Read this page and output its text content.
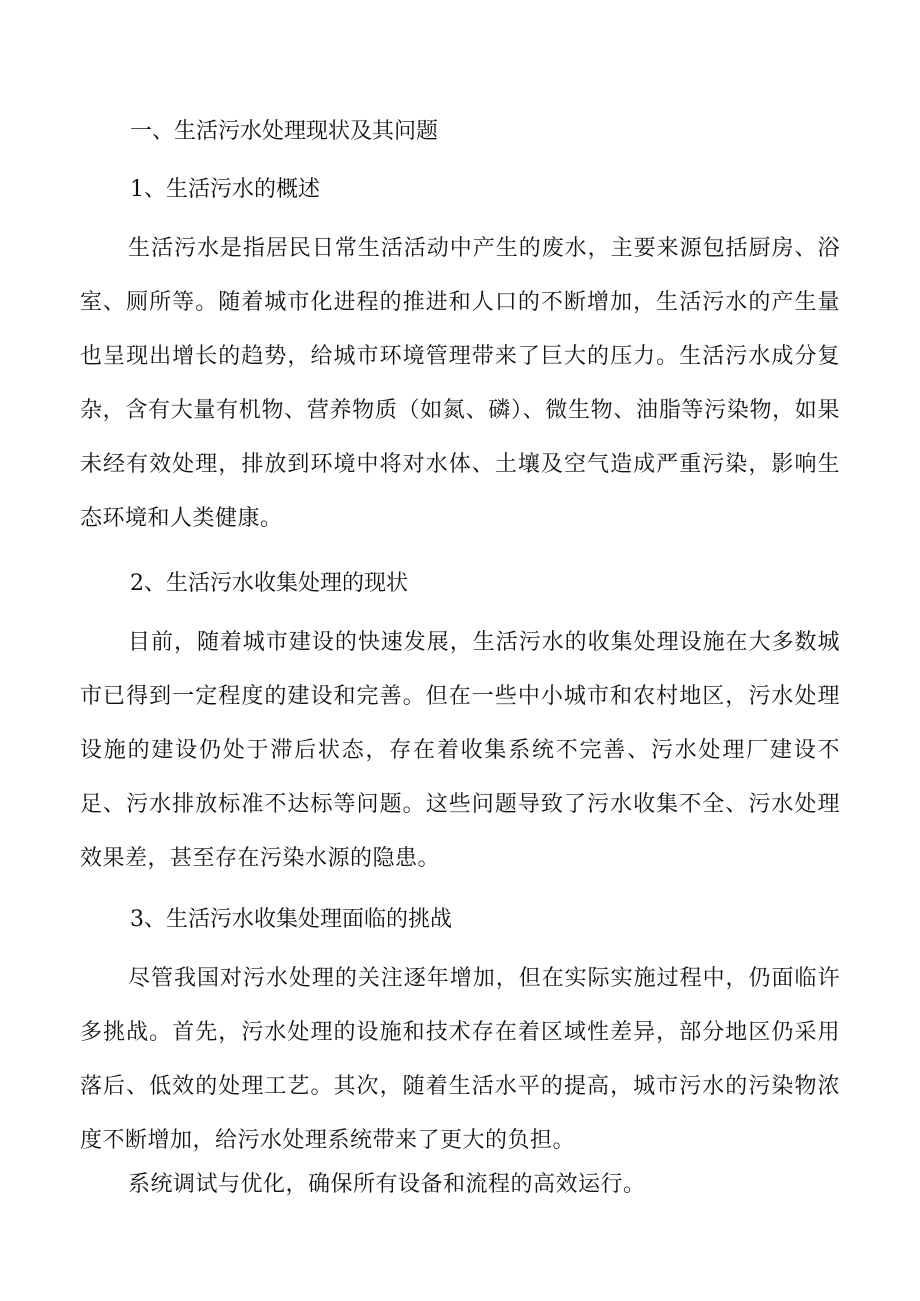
一、生活污水处理现状及其问题
1、生活污水的概述

生活污水是指居民日常生活活动中产生的废水，主要来源包括厨房、浴室、厕所等。随着城市化进程的推进和人口的不断增加，生活污水的产生量也呈现出增长的趋势，给城市环境管理带来了巨大的压力。生活污水成分复杂，含有大量有机物、营养物质（如氮、磷）、微生物、油脂等污染物，如果未经有效处理，排放到环境中将对水体、土壤及空气造成严重污染，影响生态环境和人类健康。

2、生活污水收集处理的现状

目前，随着城市建设的快速发展，生活污水的收集处理设施在大多数城市已得到一定程度的建设和完善。但在一些中小城市和农村地区，污水处理设施的建设仍处于滞后状态，存在着收集系统不完善、污水处理厂建设不足、污水排放标准不达标等问题。这些问题导致了污水收集不全、污水处理效果差，甚至存在污染水源的隐患。

3、生活污水收集处理面临的挑战

尽管我国对污水处理的关注逐年增加，但在实际实施过程中，仍面临许多挑战。首先，污水处理的设施和技术存在着区域性差异，部分地区仍采用落后、低效的处理工艺。其次，随着生活水平的提高，城市污水的污染物浓度不断增加，给污水处理系统带来了更大的负担。

系统调试与优化，确保所有设备和流程的高效运行。
